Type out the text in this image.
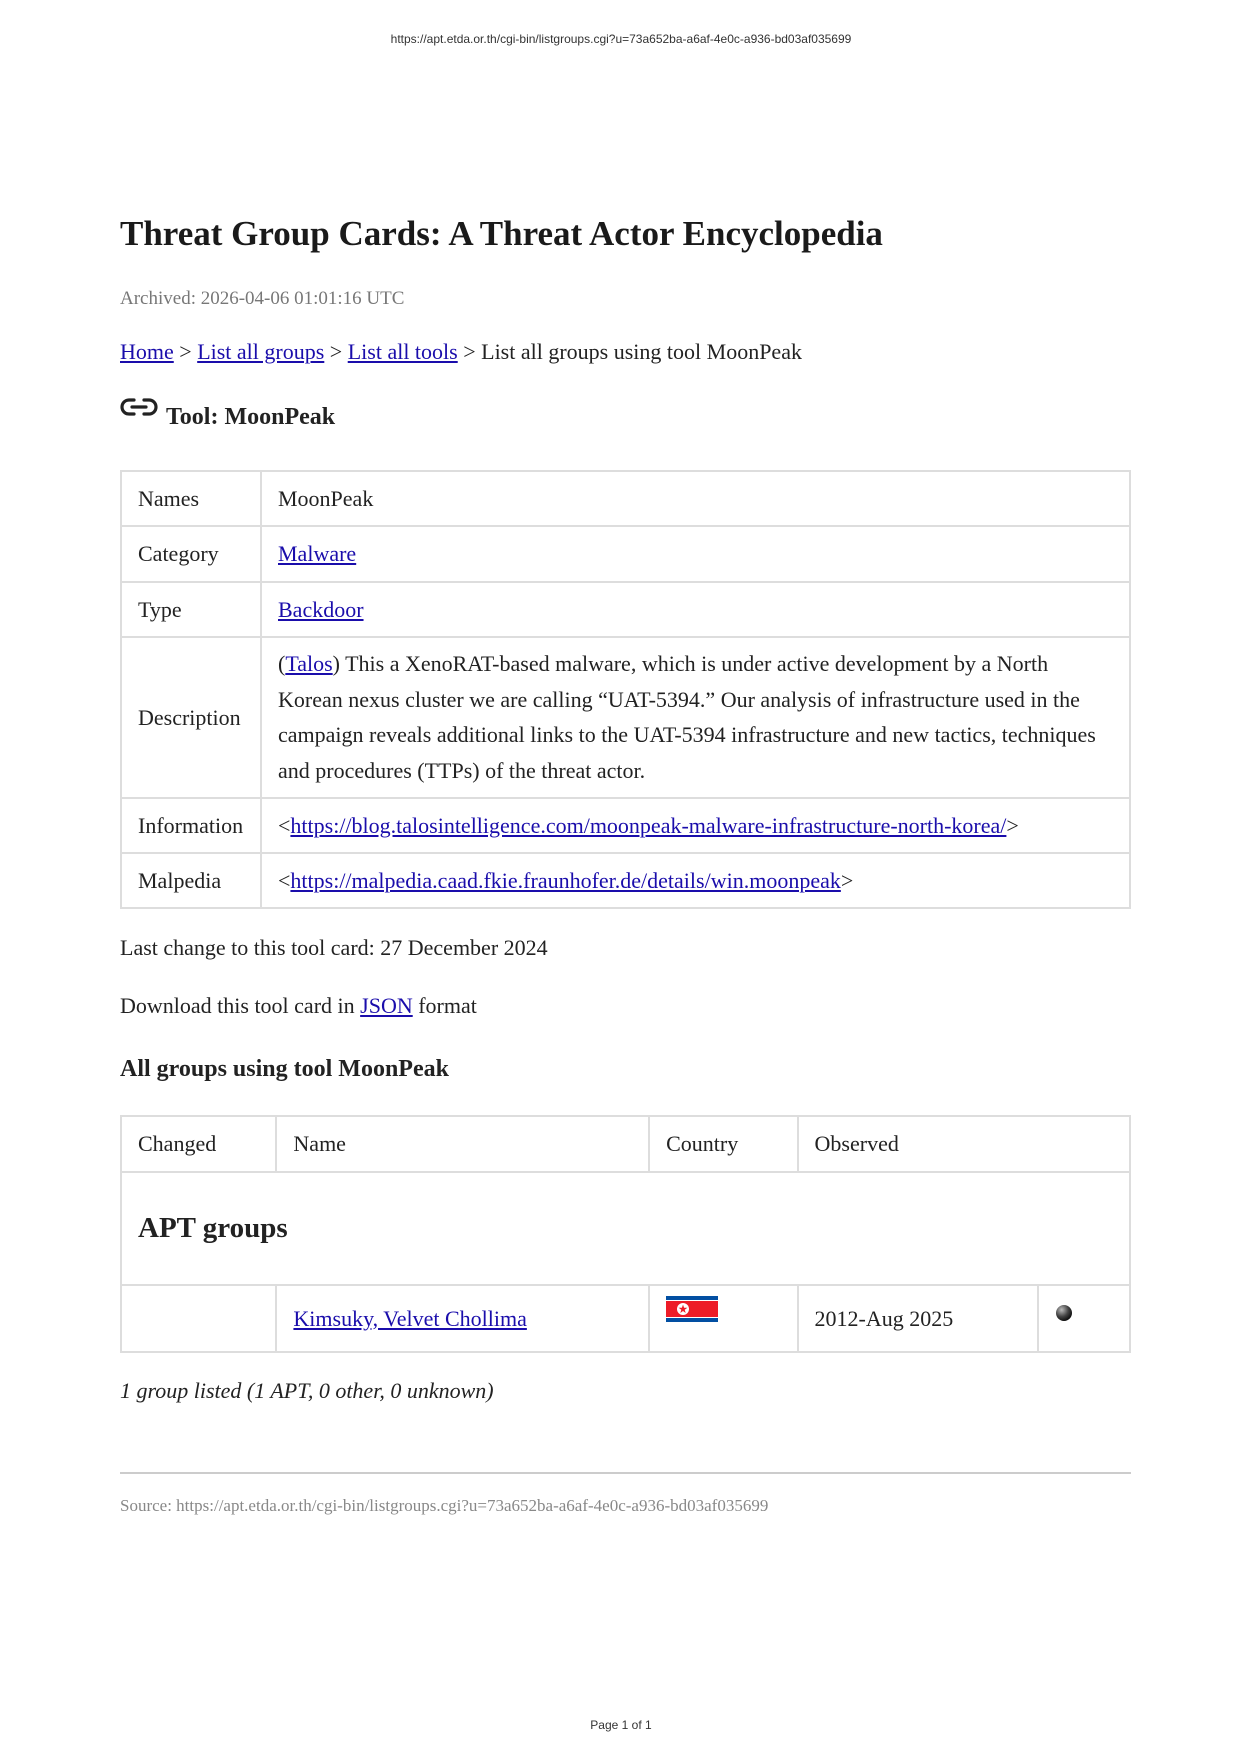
https://apt.etda.or.th/cgi-bin/listgroups.cgi?u=73a652ba-a6af-4e0c-a936-bd03af035699
Threat Group Cards: A Threat Actor Encyclopedia
Archived: 2026-04-06 01:01:16 UTC
Home > List all groups > List all tools > List all groups using tool MoonPeak
Tool: MoonPeak
Names	MoonPeak
Category	Malware
Type	Backdoor
Description	(Talos) This a XenoRAT-based malware, which is under active development by a North Korean nexus cluster we are calling “UAT-5394.” Our analysis of infrastructure used in the campaign reveals additional links to the UAT-5394 infrastructure and new tactics, techniques and procedures (TTPs) of the threat actor.
Information	<https://blog.talosintelligence.com/moonpeak-malware-infrastructure-north-korea/>
Malpedia	<https://malpedia.caad.fkie.fraunhofer.de/details/win.moonpeak>
Last change to this tool card: 27 December 2024
Download this tool card in JSON format
All groups using tool MoonPeak
Changed	Name	Country	Observed	
APT groups				
	Kimsuky, Velvet Chollima		2012-Aug 2025	
1 group listed (1 APT, 0 other, 0 unknown)
Source: https://apt.etda.or.th/cgi-bin/listgroups.cgi?u=73a652ba-a6af-4e0c-a936-bd03af035699
Page 1 of 1
